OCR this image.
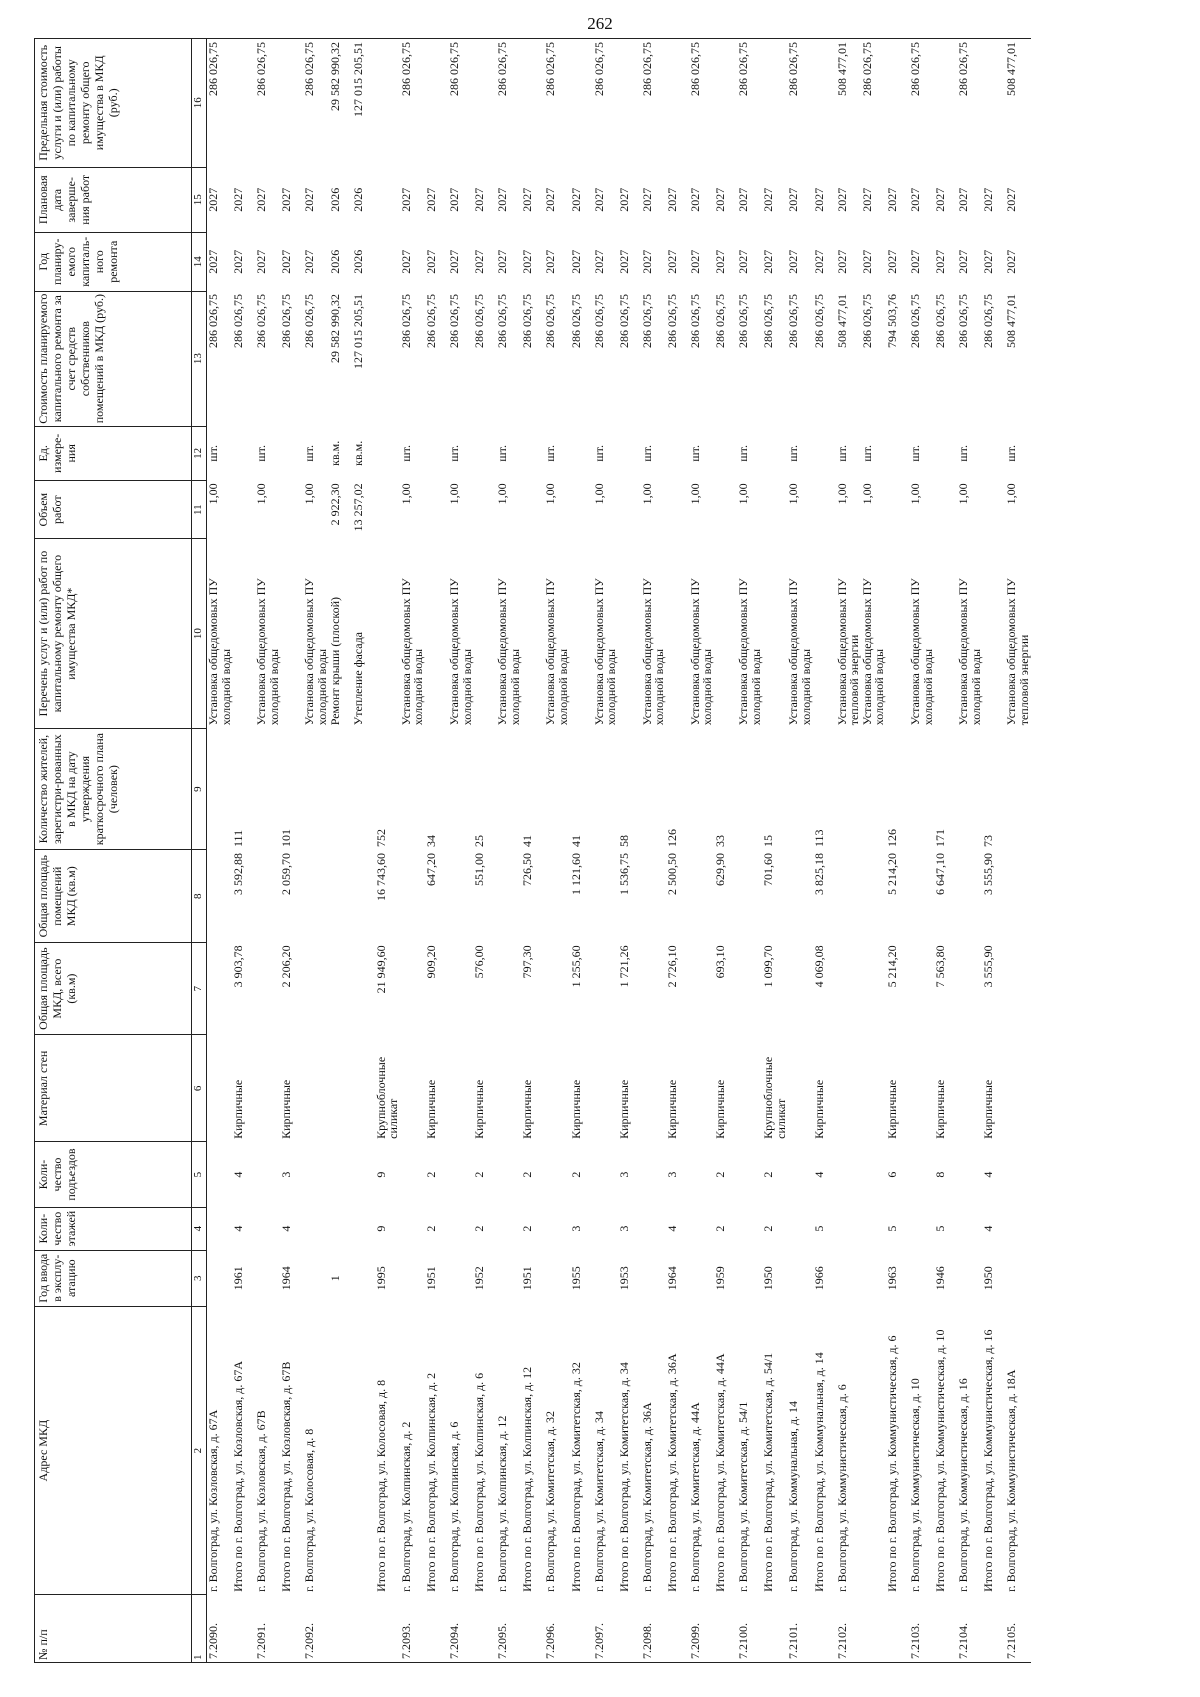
262
№ п/п	Адрес МКД	Год ввода в эксплу-атацию	Коли-чество этажей	Коли-чество подъездов	Материал стен	Общая площадь МКД, всего (кв.м)	Общая площадь помещений МКД (кв.м)	Количество жителей, зарегистри-рованных в МКД на дату утверждения краткосрочного плана (человек)	Перечень услуг и (или) работ по капитальному ремонту общего имущества МКД*	Объем работ	Ед. измере-ния	Стоимость планируемого капитального ремонта за счет средств собственников помещений в МКД (руб.)	Год планиру-емого капиталь-ного ремонта	Плановая дата заверше-ния работ	Предельная стоимость услуги и (или) работы по капитальному ремонту общего имущества в МКД (руб.)
1	2	3	4	5	6	7	8	9	10	11	12	13	14	15	16
7.2090.	г. Волгоград, ул. Козловская, д. 67А								Установка общедомовых ПУ холодной воды	1,00	шт.	286 026,75	2027	2027	286 026,75
	Итого по г. Волгоград, ул. Козловская, д. 67А	1961	4	4	Кирпичные	3 903,78	3 592,88	111				286 026,75	2027	2027	
7.2091.	г. Волгоград, ул. Козловская, д. 67В								Установка общедомовых ПУ холодной воды	1,00	шт.	286 026,75	2027	2027	286 026,75
	Итого по г. Волгоград, ул. Козловская, д. 67В	1964	4	3	Кирпичные	2 206,20	2 059,70	101				286 026,75	2027	2027	
7.2092.	г. Волгоград, ул. Колосовая, д. 8								Установка общедомовых ПУ холодной воды	1,00	шт.	286 026,75	2027	2027	286 026,75
		1							Ремонт крыши (плоской)	2 922,30	кв.м.	29 582 990,32	2026	2026	29 582 990,32
									Утепление фасада	13 257,02	кв.м.	127 015 205,51	2026	2026	127 015 205,51
	Итого по г. Волгоград, ул. Колосовая, д. 8	1995	9	9	Крупноблочные силикат	21 949,60	16 743,60	752							
7.2093.	г. Волгоград, ул. Колпинская, д. 2								Установка общедомовых ПУ холодной воды	1,00	шт.	286 026,75	2027	2027	286 026,75
	Итого по г. Волгоград, ул. Колпинская, д. 2	1951	2	2	Кирпичные	909,20	647,20	34				286 026,75	2027	2027	
7.2094.	г. Волгоград, ул. Колпинская, д. 6								Установка общедомовых ПУ холодной воды	1,00	шт.	286 026,75	2027	2027	286 026,75
	Итого по г. Волгоград, ул. Колпинская, д. 6	1952	2	2	Кирпичные	576,00	551,00	25				286 026,75	2027	2027	
7.2095.	г. Волгоград, ул. Колпинская, д. 12								Установка общедомовых ПУ холодной воды	1,00	шт.	286 026,75	2027	2027	286 026,75
	Итого по г. Волгоград, ул. Колпинская, д. 12	1951	2	2	Кирпичные	797,30	726,50	41				286 026,75	2027	2027	
7.2096.	г. Волгоград, ул. Комитетская, д. 32								Установка общедомовых ПУ холодной воды	1,00	шт.	286 026,75	2027	2027	286 026,75
	Итого по г. Волгоград, ул. Комитетская, д. 32	1955	3	2	Кирпичные	1 255,60	1 121,60	41				286 026,75	2027	2027	
7.2097.	г. Волгоград, ул. Комитетская, д. 34								Установка общедомовых ПУ холодной воды	1,00	шт.	286 026,75	2027	2027	286 026,75
	Итого по г. Волгоград, ул. Комитетская, д. 34	1953	3	3	Кирпичные	1 721,26	1 536,75	58				286 026,75	2027	2027	
7.2098.	г. Волгоград, ул. Комитетская, д. 36А								Установка общедомовых ПУ холодной воды	1,00	шт.	286 026,75	2027	2027	286 026,75
	Итого по г. Волгоград, ул. Комитетская, д. 36А	1964	4	3	Кирпичные	2 726,10	2 500,50	126				286 026,75	2027	2027	
7.2099.	г. Волгоград, ул. Комитетская, д. 44А								Установка общедомовых ПУ холодной воды	1,00	шт.	286 026,75	2027	2027	286 026,75
	Итого по г. Волгоград, ул. Комитетская, д. 44А	1959	2	2	Кирпичные	693,10	629,90	33				286 026,75	2027	2027	
7.2100.	г. Волгоград, ул. Комитетская, д. 54/1								Установка общедомовых ПУ холодной воды	1,00	шт.	286 026,75	2027	2027	286 026,75
	Итого по г. Волгоград, ул. Комитетская, д. 54/1	1950	2	2	Крупноблочные силикат	1 099,70	701,60	15				286 026,75	2027	2027	
7.2101.	г. Волгоград, ул. Коммунальная, д. 14								Установка общедомовых ПУ холодной воды	1,00	шт.	286 026,75	2027	2027	286 026,75
	Итого по г. Волгоград, ул. Коммунальная, д. 14	1966	5	4	Кирпичные	4 069,08	3 825,18	113				286 026,75	2027	2027	
7.2102.	г. Волгоград, ул. Коммунистическая, д. 6								Установка общедомовых ПУ тепловой энергии	1,00	шт.	508 477,01	2027	2027	508 477,01
									Установка общедомовых ПУ холодной воды	1,00	шт.	286 026,75	2027	2027	286 026,75
	Итого по г. Волгоград, ул. Коммунистическая, д. 6	1963	5	6	Кирпичные	5 214,20	5 214,20	126				794 503,76	2027	2027	
7.2103.	г. Волгоград, ул. Коммунистическая, д. 10								Установка общедомовых ПУ холодной воды	1,00	шт.	286 026,75	2027	2027	286 026,75
	Итого по г. Волгоград, ул. Коммунистическая, д. 10	1946	5	8	Кирпичные	7 563,80	6 647,10	171				286 026,75	2027	2027	
7.2104.	г. Волгоград, ул. Коммунистическая, д. 16								Установка общедомовых ПУ холодной воды	1,00	шт.	286 026,75	2027	2027	286 026,75
	Итого по г. Волгоград, ул. Коммунистическая, д. 16	1950	4	4	Кирпичные	3 555,90	3 555,90	73				286 026,75	2027	2027	
7.2105.	г. Волгоград, ул. Коммунистическая, д. 18А								Установка общедомовых ПУ тепловой энергии	1,00	шт.	508 477,01	2027	2027	508 477,01
